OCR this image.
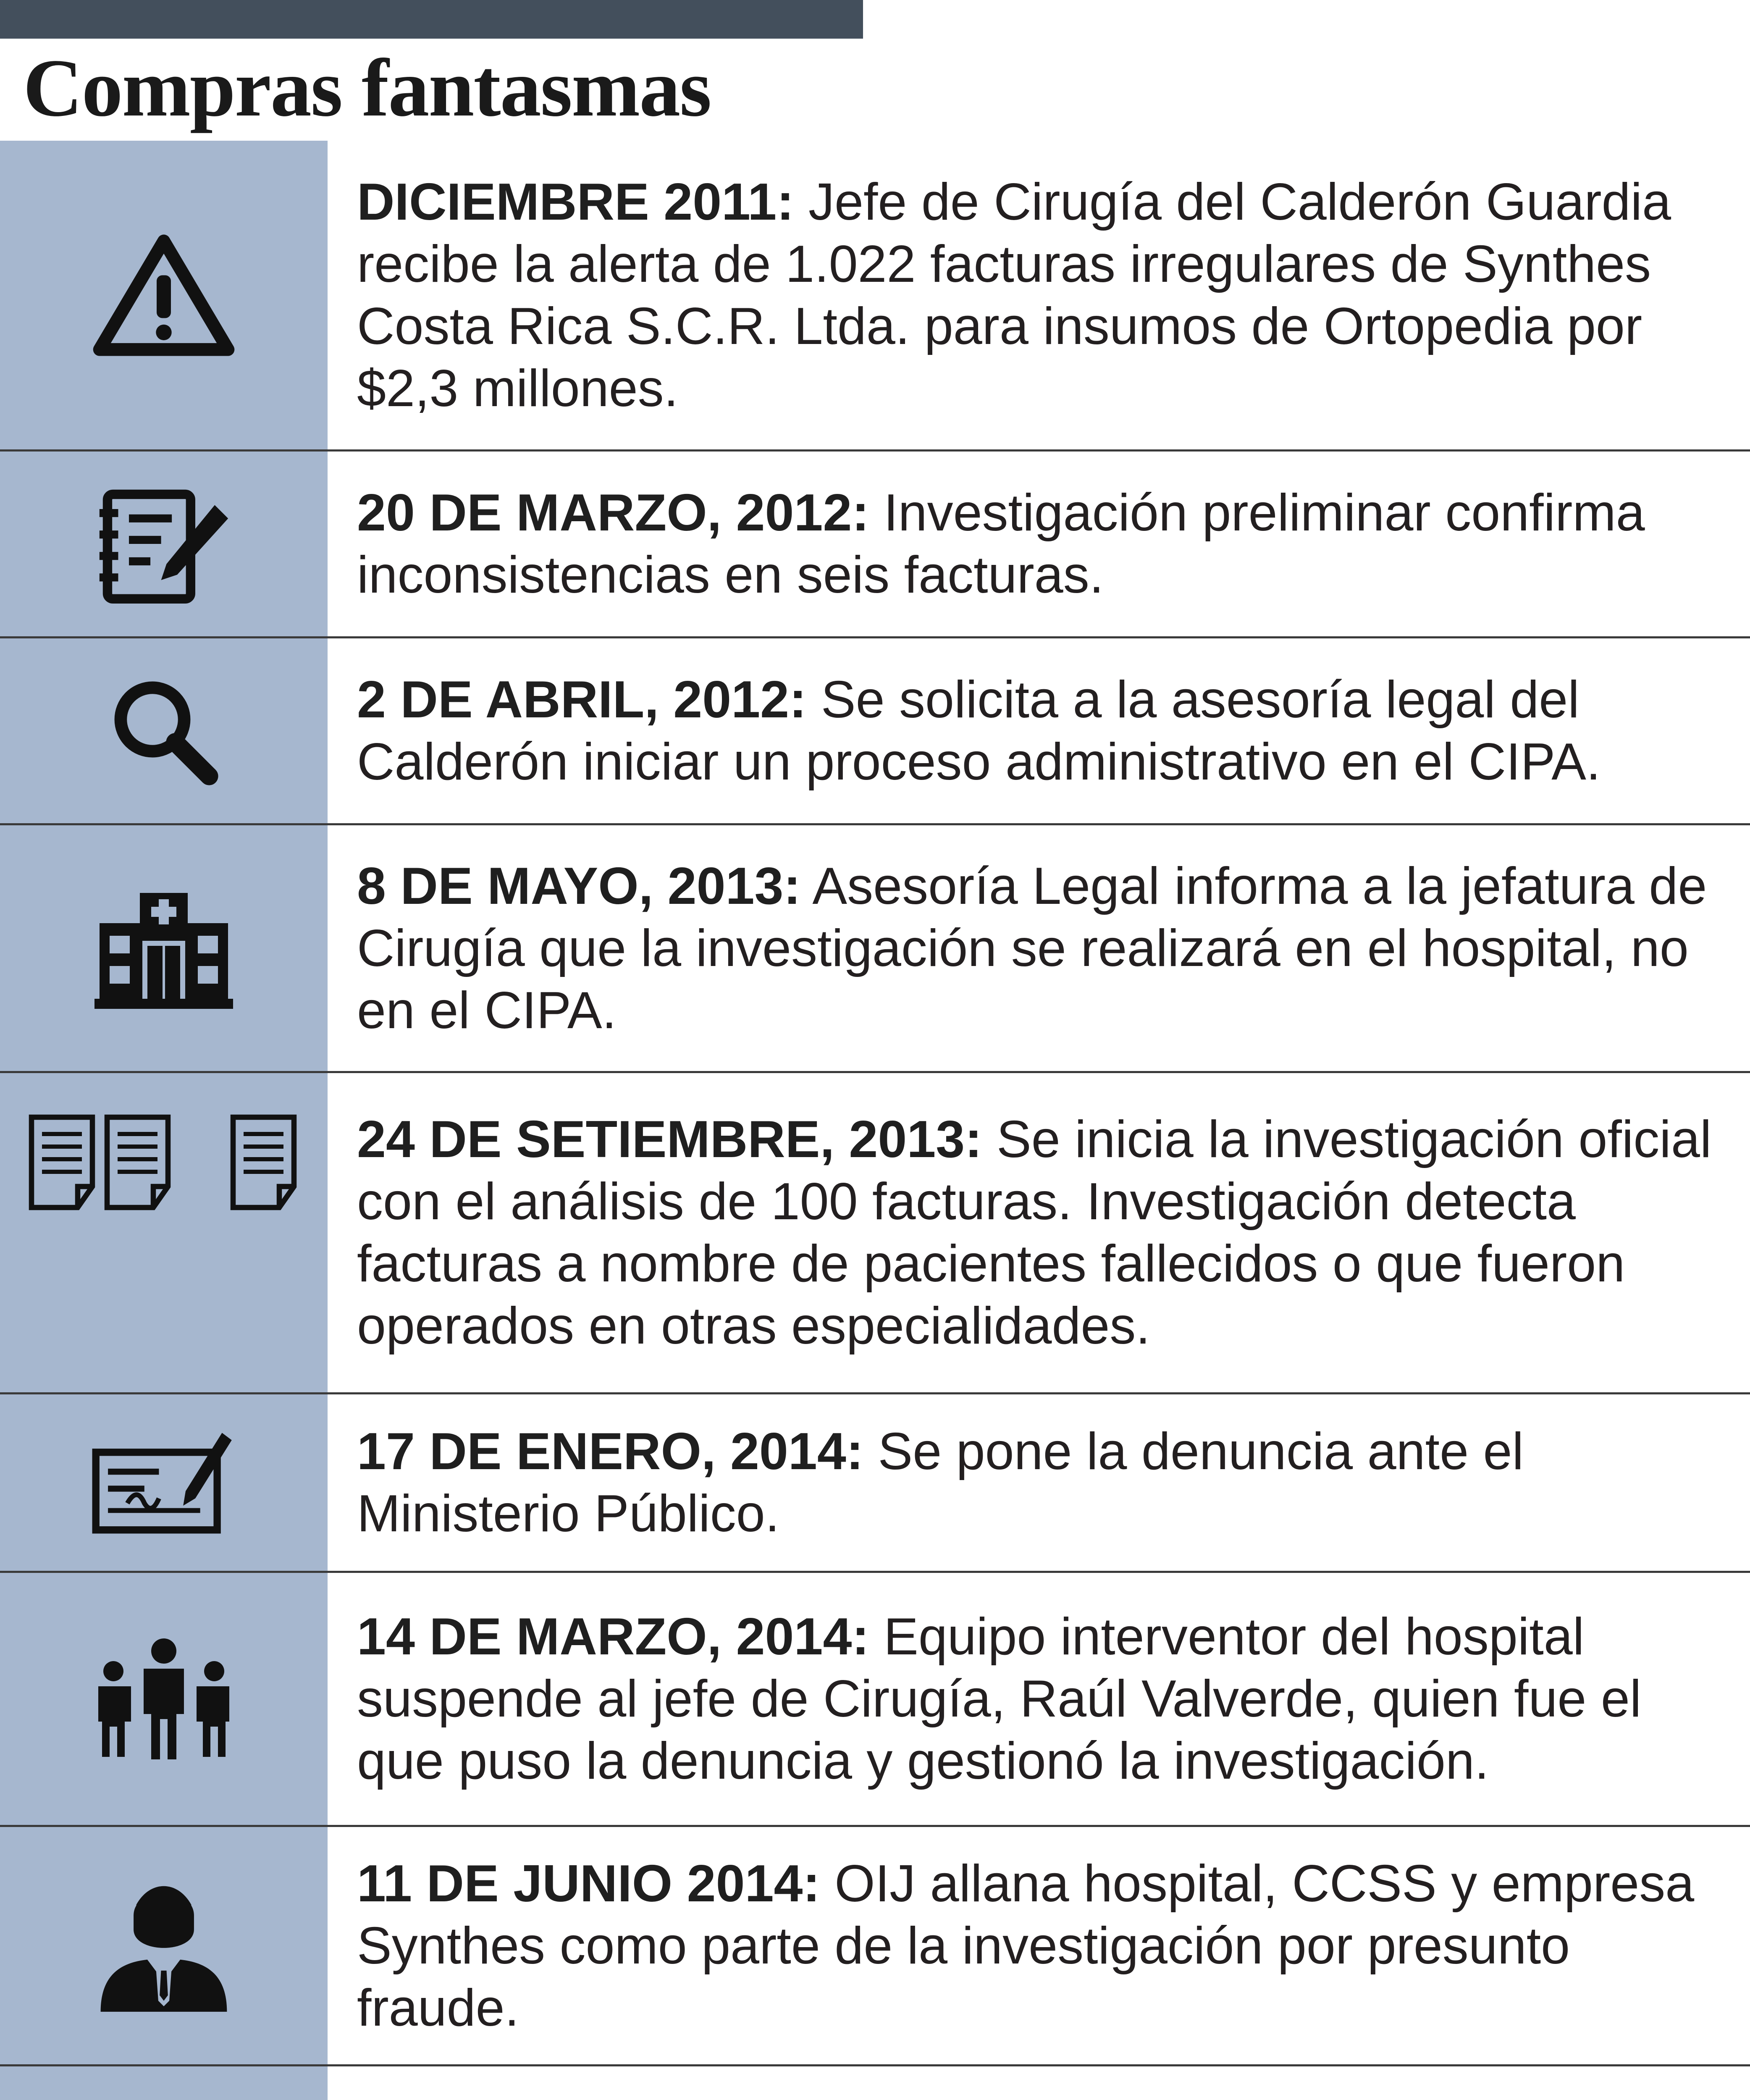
Compras fantasmas

DICIEMBRE 2011: Jefe de Cirugía del Calderón Guardia recibe la alerta de 1.022 facturas irregulares de Synthes Costa Rica S.C.R. Ltda. para insumos de Ortopedia por $2,3 millones.

20 DE MARZO, 2012: Investigación preliminar confirma inconsistencias en seis facturas.

2 DE ABRIL, 2012: Se solicita a la asesoría legal del Calderón iniciar un proceso administrativo en el CIPA.

8 DE MAYO, 2013: Asesoría Legal informa a la jefatura de Cirugía que la investigación se realizará en el hospital, no en el CIPA.

24 DE SETIEMBRE, 2013: Se inicia la investigación oficial con el análisis de 100 facturas. Investigación detecta facturas a nombre de pacientes fallecidos o que fueron operados en otras especialidades.

17 DE ENERO, 2014: Se pone la denuncia ante el Ministerio Público.

14 DE MARZO, 2014: Equipo interventor del hospital suspende al jefe de Cirugía, Raúl Valverde, quien fue el que puso la denuncia y gestionó la investigación.

11 DE JUNIO 2014: OIJ allana hospital, CCSS y empresa Synthes como parte de la investigación por presunto fraude.
